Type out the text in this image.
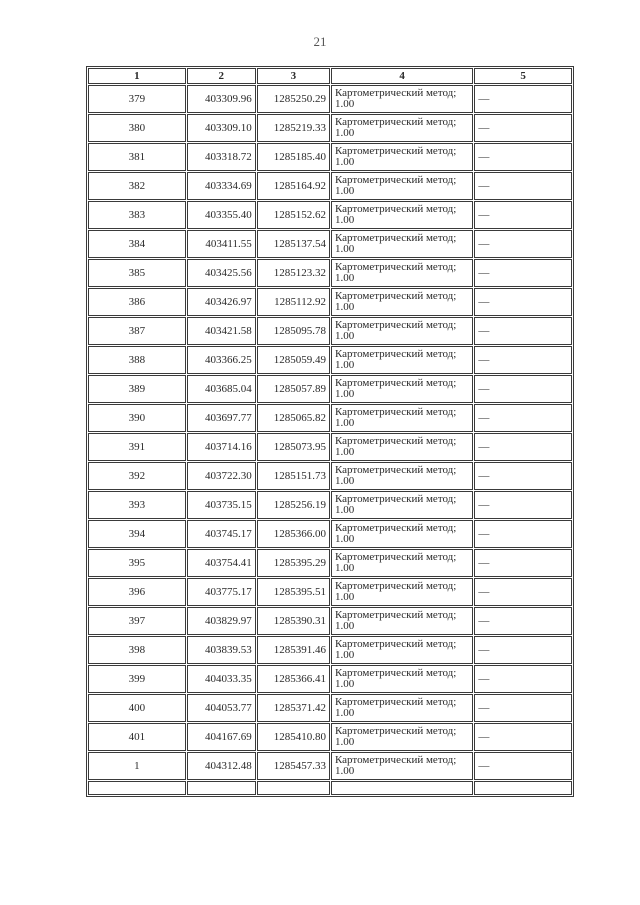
21
1	2	3	4	5
379	403309.96	1285250.29	Картометрический метод; 1.00	—
380	403309.10	1285219.33	Картометрический метод; 1.00	—
381	403318.72	1285185.40	Картометрический метод; 1.00	—
382	403334.69	1285164.92	Картометрический метод; 1.00	—
383	403355.40	1285152.62	Картометрический метод; 1.00	—
384	403411.55	1285137.54	Картометрический метод; 1.00	—
385	403425.56	1285123.32	Картометрический метод; 1.00	—
386	403426.97	1285112.92	Картометрический метод; 1.00	—
387	403421.58	1285095.78	Картометрический метод; 1.00	—
388	403366.25	1285059.49	Картометрический метод; 1.00	—
389	403685.04	1285057.89	Картометрический метод; 1.00	—
390	403697.77	1285065.82	Картометрический метод; 1.00	—
391	403714.16	1285073.95	Картометрический метод; 1.00	—
392	403722.30	1285151.73	Картометрический метод; 1.00	—
393	403735.15	1285256.19	Картометрический метод; 1.00	—
394	403745.17	1285366.00	Картометрический метод; 1.00	—
395	403754.41	1285395.29	Картометрический метод; 1.00	—
396	403775.17	1285395.51	Картометрический метод; 1.00	—
397	403829.97	1285390.31	Картометрический метод; 1.00	—
398	403839.53	1285391.46	Картометрический метод; 1.00	—
399	404033.35	1285366.41	Картометрический метод; 1.00	—
400	404053.77	1285371.42	Картометрический метод; 1.00	—
401	404167.69	1285410.80	Картометрический метод; 1.00	—
1	404312.48	1285457.33	Картометрический метод; 1.00	—
